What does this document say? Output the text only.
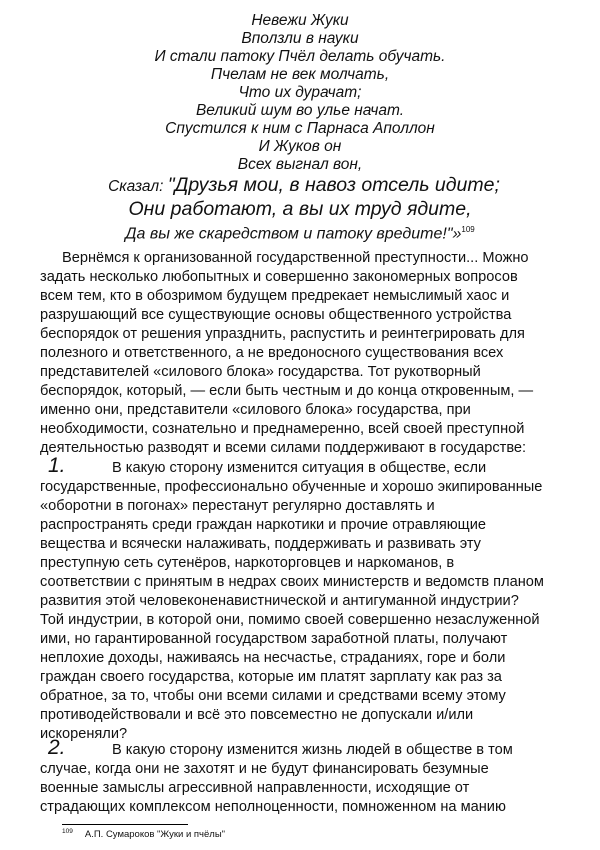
Невежи Жуки
Вползли в науки
И стали патоку Пчёл делать обучать.
Пчелам не век молчать,
Что их дурачат;
Великий шум во улье начат.
Спустился к ним с Парнаса Аполлон
И Жуков он
Всех выгнал вон,
Сказал: "Друзья мои, в навоз отсель идите;
Они работают, а вы их труд ядите,
Да вы же скаредством и патоку вредите!"»$^{109}$
Вернёмся к организованной государственной преступности... Можно
задать несколько любопытных и совершенно закономерных вопросов
всем тем, кто в обозримом будущем предрекает немыслимый хаос и
разрушающий все существующие основы общественного устройства
беспорядок от решения упразднить, распустить и реинтегрировать для
полезного и ответственного, а не вредоносного существования всех
представителей «силового блока» государства. Тот рукотворный
беспорядок, который, — если быть честным и до конца откровенным, —
именно они, представители «силового блока» государства, при
необходимости, сознательно и преднамеренно, всей своей преступной
деятельностью разводят и всеми силами поддерживают в государстве:
1.	В какую сторону изменится ситуация в обществе, если
государственные, профессионально обученные и хорошо экипированные
«оборотни в погонах» перестанут регулярно доставлять и
распространять среди граждан наркотики и прочие отравляющие
вещества и всячески налаживать, поддерживать и развивать эту
преступную сеть сутенёров, наркоторговцев и наркоманов, в
соответствии с принятым в недрах своих министерств и ведомств планом
развития этой человеконенавистнической и антигуманной индустрии?
Той индустрии, в которой они, помимо своей совершенно незаслуженной
ими, но гарантированной государством заработной платы, получают
неплохие доходы, наживаясь на несчастье, страданиях, горе и боли
граждан своего государства, которые им платят зарплату как раз за
обратное, за то, чтобы они всеми силами и средствами всему этому
противодействовали и всё это повсеместно не допускали и/или
искореняли?
2.	В какую сторону изменится жизнь людей в обществе в том
случае, когда они не захотят и не будут финансировать безумные
военные замыслы агрессивной направленности, исходящие от
страдающих комплексом неполноценности, помноженном на манию
$^{109}$ А.П. Сумароков "Жуки и пчёлы"
